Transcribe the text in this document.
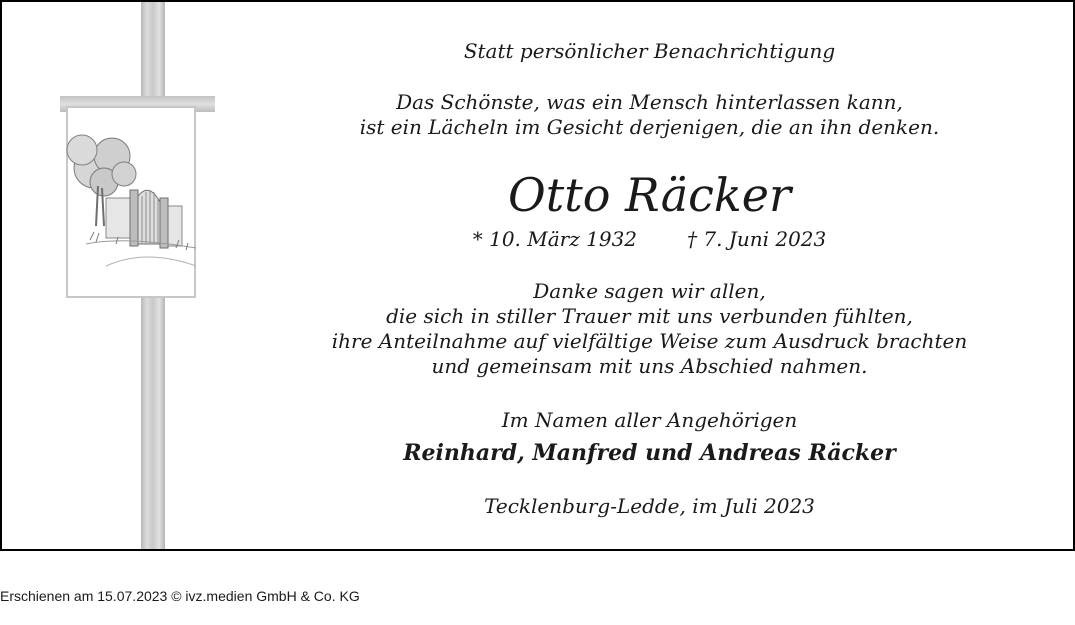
Statt persönlicher Benachrichtigung
Das Schönste, was ein Mensch hinterlassen kann,
ist ein Lächeln im Gesicht derjenigen, die an ihn denken.
Otto Räcker
* 10. März 1932	† 7. Juni 2023
Danke sagen wir allen,
die sich in stiller Trauer mit uns verbunden fühlten,
ihre Anteilnahme auf vielfältige Weise zum Ausdruck brachten
und gemeinsam mit uns Abschied nahmen.
Im Namen aller Angehörigen
Reinhard, Manfred und Andreas Räcker
Tecklenburg-Ledde, im Juli 2023
Erschienen am 15.07.2023 © ivz.medien GmbH & Co. KG
